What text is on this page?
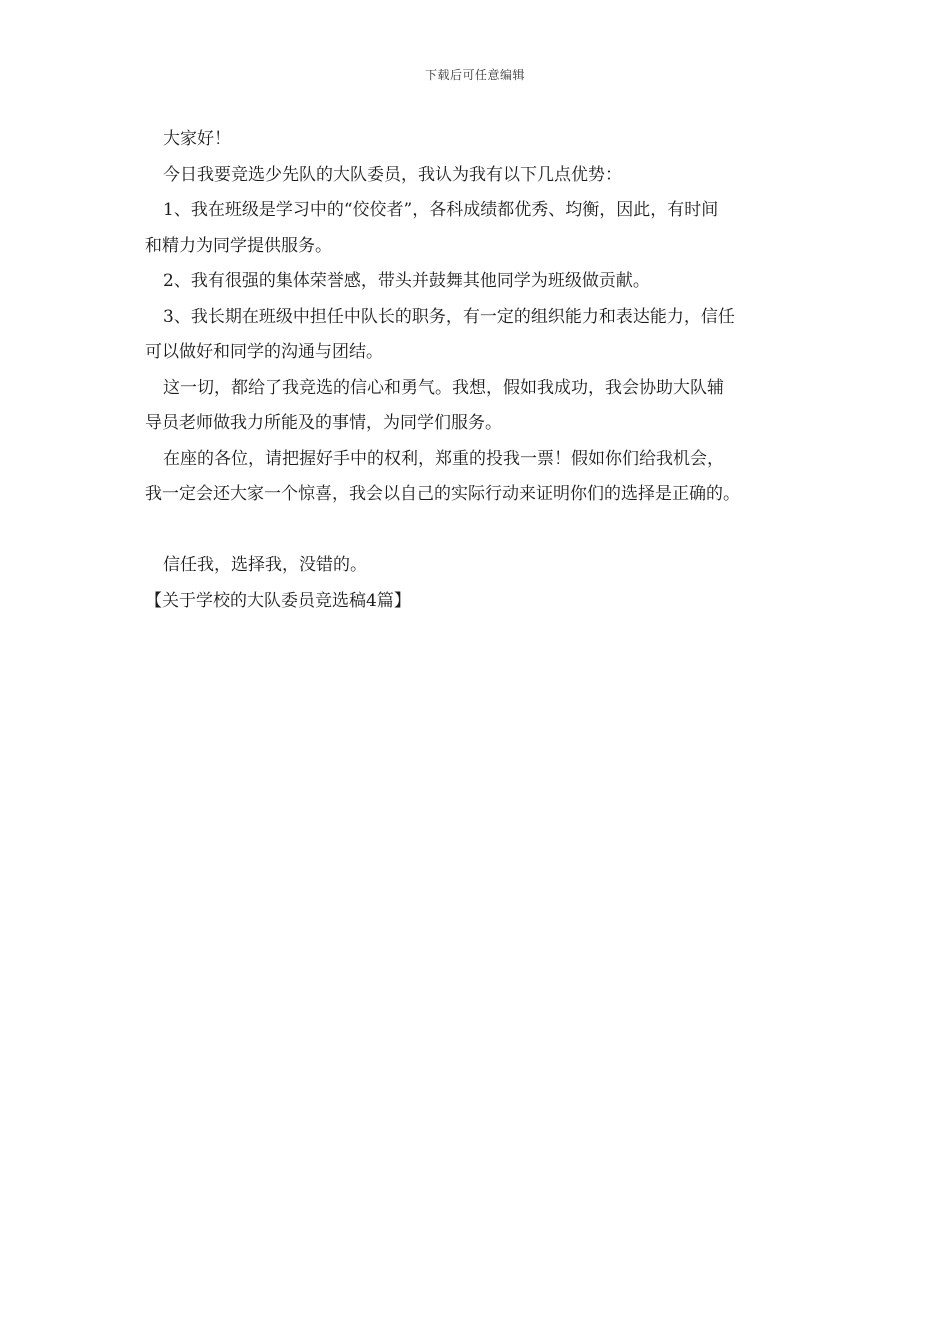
下载后可任意编辑

大家好！

今日我要竞选少先队的大队委员，我认为我有以下几点优势：

1、我在班级是学习中的“佼佼者”，各科成绩都优秀、均衡，因此，有时间

和精力为同学提供服务。

2、我有很强的集体荣誉感，带头并鼓舞其他同学为班级做贡献。

3、我长期在班级中担任中队长的职务，有一定的组织能力和表达能力，信任

可以做好和同学的沟通与团结。

这一切，都给了我竞选的信心和勇气。我想，假如我成功，我会协助大队辅

导员老师做我力所能及的事情，为同学们服务。

在座的各位，请把握好手中的权利，郑重的投我一票！假如你们给我机会，

我一定会还大家一个惊喜，我会以自己的实际行动来证明你们的选择是正确的。

信任我，选择我，没错的。

【关于学校的大队委员竞选稿4篇】
